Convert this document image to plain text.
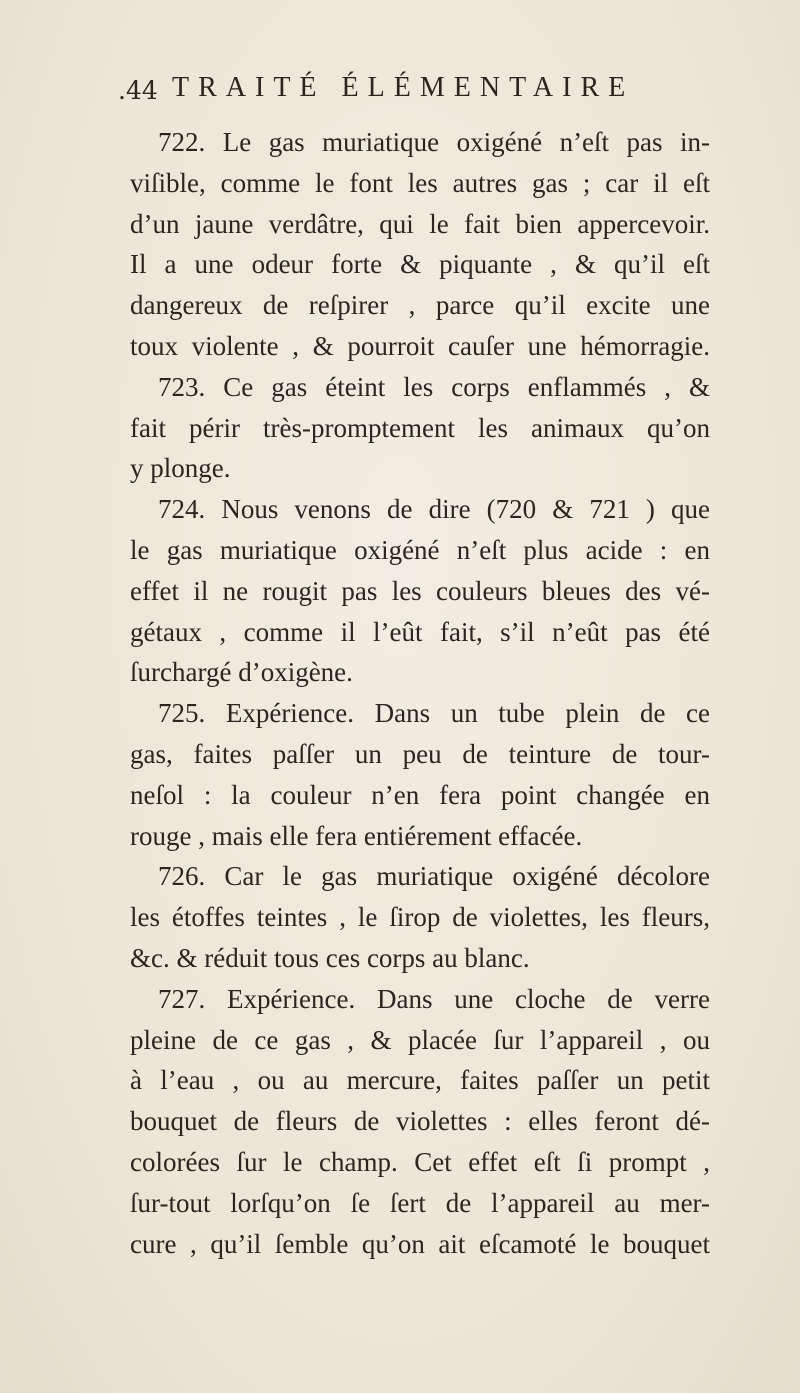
.44 TRAITÉ ÉLÉMENTAIRE
722. Le gas muriatique oxigéné n’eſt pas in-
viſible, comme le font les autres gas ; car il eſt
d’un jaune verdâtre, qui le fait bien appercevoir.
Il a une odeur forte & piquante , & qu’il eſt
dangereux de reſpirer , parce qu’il excite une
toux violente , & pourroit cauſer une hémorragie.
723. Ce gas éteint les corps enflammés , &
fait périr très-promptement les animaux qu’on
y plonge.
724. Nous venons de dire (720 & 721 ) que
le gas muriatique oxigéné n’eſt plus acide : en
effet il ne rougit pas les couleurs bleues des vé-
gétaux , comme il l’eût fait, s’il n’eût pas été
ſurchargé d’oxigène.
725. Expérience. Dans un tube plein de ce
gas, faites paſſer un peu de teinture de tour-
neſol : la couleur n’en fera point changée en
rouge , mais elle fera entiérement effacée.
726. Car le gas muriatique oxigéné décolore
les étoffes teintes , le ſirop de violettes, les fleurs,
&c. & réduit tous ces corps au blanc.
727. Expérience. Dans une cloche de verre
pleine de ce gas , & placée ſur l’appareil , ou
à l’eau , ou au mercure, faites paſſer un petit
bouquet de fleurs de violettes : elles feront dé-
colorées ſur le champ. Cet effet eſt ſi prompt ,
ſur-tout lorſqu’on ſe ſert de l’appareil au mer-
cure , qu’il ſemble qu’on ait eſcamoté le bouquet
